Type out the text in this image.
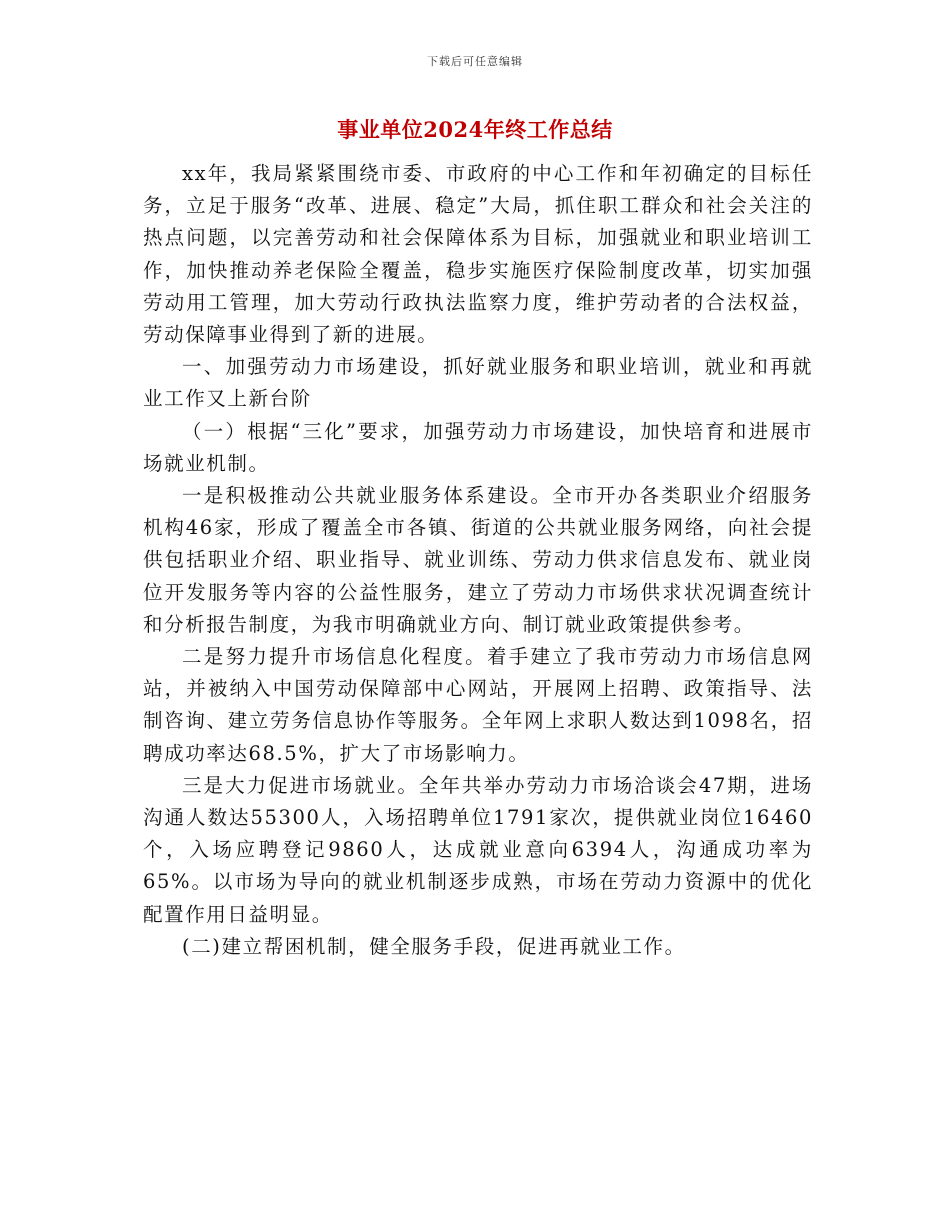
下载后可任意编辑
事业单位2024年终工作总结

xx年，我局紧紧围绕市委、市政府的中心工作和年初确定的目标任务，立足于服务“改革、进展、稳定”大局，抓住职工群众和社会关注的热点问题，以完善劳动和社会保障体系为目标，加强就业和职业培训工作，加快推动养老保险全覆盖，稳步实施医疗保险制度改革，切实加强劳动用工管理，加大劳动行政执法监察力度，维护劳动者的合法权益，劳动保障事业得到了新的进展。

一、加强劳动力市场建设，抓好就业服务和职业培训，就业和再就业工作又上新台阶

（一）根据“三化”要求，加强劳动力市场建设，加快培育和进展市场就业机制。

一是积极推动公共就业服务体系建设。全市开办各类职业介绍服务机构46家，形成了覆盖全市各镇、街道的公共就业服务网络，向社会提供包括职业介绍、职业指导、就业训练、劳动力供求信息发布、就业岗位开发服务等内容的公益性服务，建立了劳动力市场供求状况调查统计和分析报告制度，为我市明确就业方向、制订就业政策提供参考。

二是努力提升市场信息化程度。着手建立了我市劳动力市场信息网站，并被纳入中国劳动保障部中心网站，开展网上招聘、政策指导、法制咨询、建立劳务信息协作等服务。全年网上求职人数达到1098名，招聘成功率达68.5%，扩大了市场影响力。

三是大力促进市场就业。全年共举办劳动力市场洽谈会47期，进场沟通人数达55300人，入场招聘单位1791家次，提供就业岗位16460个，入场应聘登记9860人，达成就业意向6394人，沟通成功率为65%。以市场为导向的就业机制逐步成熟，市场在劳动力资源中的优化配置作用日益明显。

(二)建立帮困机制，健全服务手段，促进再就业工作。
